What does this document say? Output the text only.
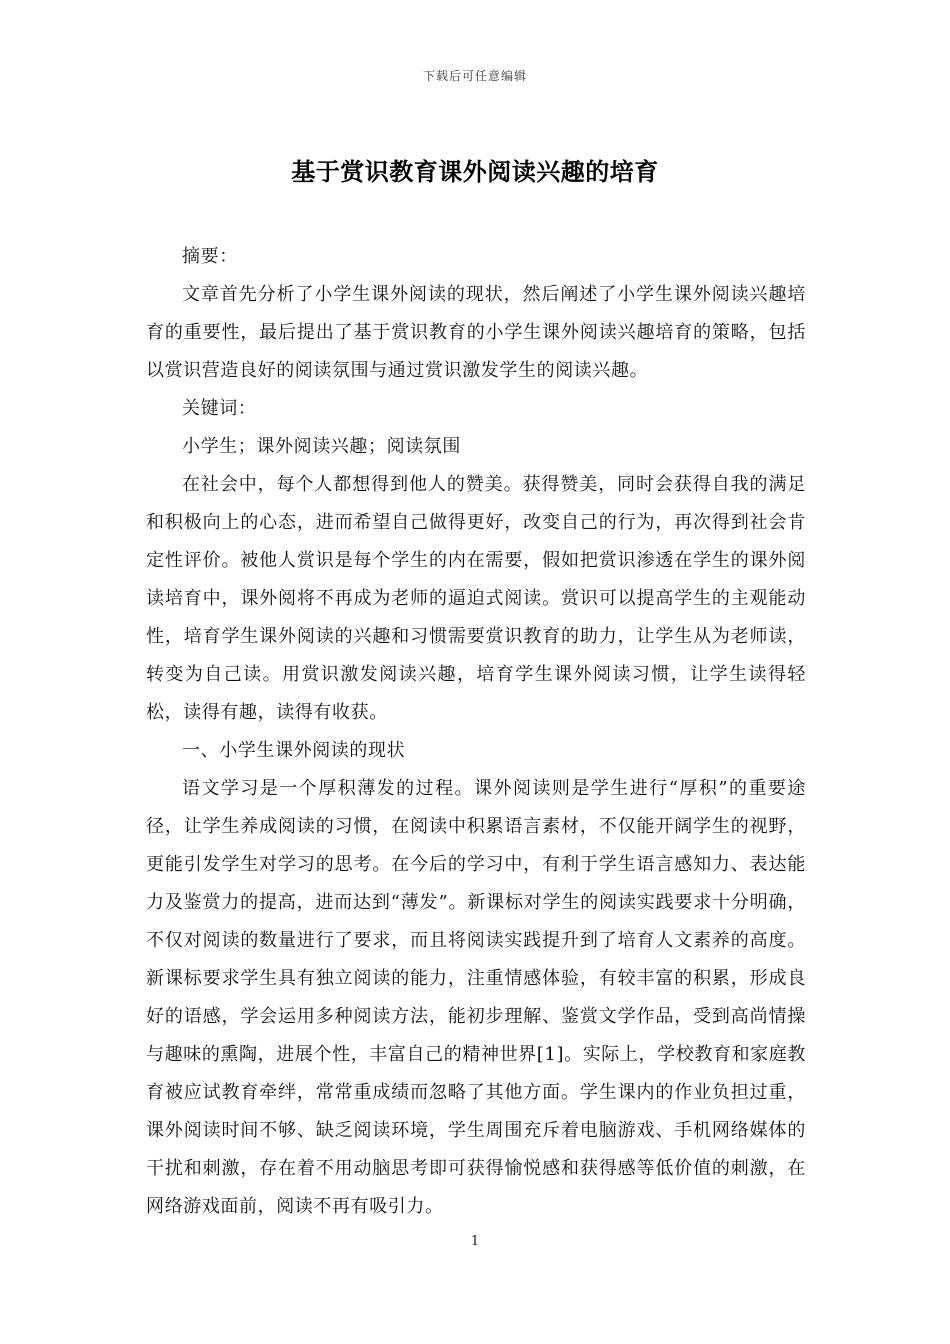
下载后可任意编辑
基于赏识教育课外阅读兴趣的培育

摘要：

文章首先分析了小学生课外阅读的现状，然后阐述了小学生课外阅读兴趣培育的重要性，最后提出了基于赏识教育的小学生课外阅读兴趣培育的策略，包括以赏识营造良好的阅读氛围与通过赏识激发学生的阅读兴趣。

关键词：

小学生；课外阅读兴趣；阅读氛围

在社会中，每个人都想得到他人的赞美。获得赞美，同时会获得自我的满足和积极向上的心态，进而希望自己做得更好，改变自己的行为，再次得到社会肯定性评价。被他人赏识是每个学生的内在需要，假如把赏识渗透在学生的课外阅读培育中，课外阅将不再成为老师的逼迫式阅读。赏识可以提高学生的主观能动性，培育学生课外阅读的兴趣和习惯需要赏识教育的助力，让学生从为老师读，转变为自己读。用赏识激发阅读兴趣，培育学生课外阅读习惯，让学生读得轻松，读得有趣，读得有收获。

一、小学生课外阅读的现状

语文学习是一个厚积薄发的过程。课外阅读则是学生进行“厚积”的重要途径，让学生养成阅读的习惯，在阅读中积累语言素材，不仅能开阔学生的视野，更能引发学生对学习的思考。在今后的学习中，有利于学生语言感知力、表达能力及鉴赏力的提高，进而达到“薄发”。新课标对学生的阅读实践要求十分明确，不仅对阅读的数量进行了要求，而且将阅读实践提升到了培育人文素养的高度。新课标要求学生具有独立阅读的能力，注重情感体验，有较丰富的积累，形成良好的语感，学会运用多种阅读方法，能初步理解、鉴赏文学作品，受到高尚情操与趣味的熏陶，进展个性，丰富自己的精神世界[1]。实际上，学校教育和家庭教育被应试教育牵绊，常常重成绩而忽略了其他方面。学生课内的作业负担过重，课外阅读时间不够、缺乏阅读环境，学生周围充斥着电脑游戏、手机网络媒体的干扰和刺激，存在着不用动脑思考即可获得愉悦感和获得感等低价值的刺激，在网络游戏面前，阅读不再有吸引力。

1
